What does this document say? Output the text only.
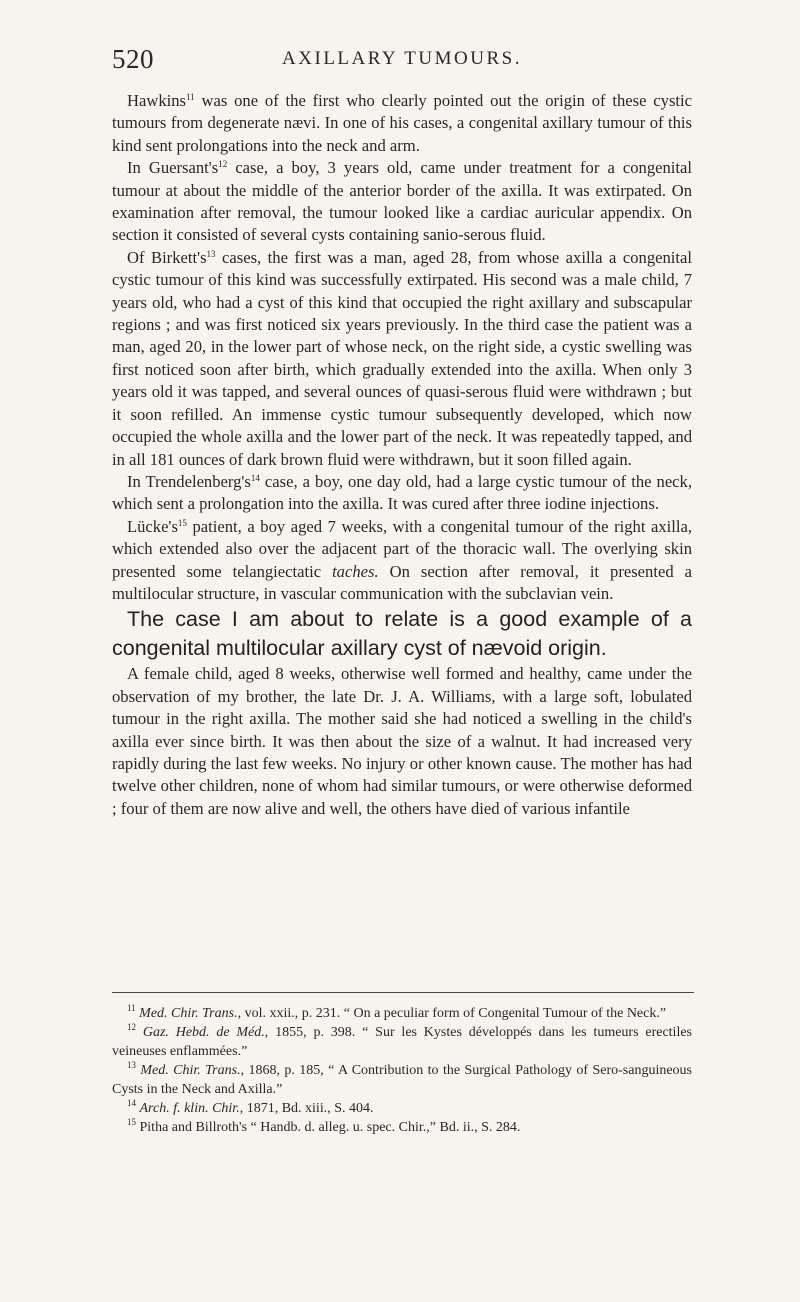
520	AXILLARY TUMOURS.

Hawkins$^{11}$ was one of the first who clearly pointed out the origin of these cystic tumours from degenerate nævi. In one of his cases, a congenital axillary tumour of this kind sent prolongations into the neck and arm.

In $Guersant's^{12}$ case, a boy, 3 years old, came under treatment for a congenital tumour at about the middle of the anterior border of the axilla. It was extirpated. On examination after removal, the tumour looked like a cardiac auricular appendix. On section it consisted of several cysts containing sanio-serous fluid.

Of $Birkett's^{13}$ cases, the first was a man, aged 28, from whose axilla a congenital cystic tumour of this kind was successfully extirpated. His second was a male child, 7 years old, who had a cyst of this kind that occupied the right axillary and subscapular regions ; and was first noticed six years previously. In the third case the patient was a man, aged 20, in the lower part of whose neck, on the right side, a cystic swelling was first noticed soon after birth, which gradually extended into the axilla. When only 3 years old it was tapped, and several ounces of quasi-serous fluid were withdrawn ; but it soon refilled. An immense cystic tumour subsequently developed, which now occupied the whole axilla and the lower part of the neck. It was repeatedly tapped, and in all 181 ounces of dark brown fluid were withdrawn, but it soon filled again.

In $Trendelenberg's^{14}$ case, a boy, one day old, had a large cystic tumour of the neck, which sent a prolongation into the axilla. It was cured after three iodine injections.

$Lücke's^{15}$ patient, a boy aged 7 weeks, with a congenital tumour of the right axilla, which extended also over the adjacent part of the thoracic wall. The overlying skin presented some telangiectatic taches. On section after removal, it presented a multilocular structure, in vascular communication with the subclavian vein.

The case I am about to relate is a good example of a congenital multilocular axillary cyst of nævoid origin.

A female child, aged 8 weeks, otherwise well formed and healthy, came under the observation of my brother, the late Dr. J. A. Williams, with a large soft, lobulated tumour in the right axilla. The mother said she had noticed a swelling in the child's axilla ever since birth. It was then about the size of a walnut. It had increased very rapidly during the last few weeks. No injury or other known cause. The mother has had twelve other children, none of whom had similar tumours, or were otherwise deformed ; four of them are now alive and well, the others have died of various infantile

$^{11}$ Med. Chir. Trans., vol. xxii., p. 231. “ On a peculiar form of Congenital Tumour of the Neck.”

$^{12}$ Gaz. Hebd. de Méd., 1855, p. 398. “ Sur les Kystes développés dans les tumeurs erectiles veineuses enflammées.”

$^{13}$ Med. Chir. Trans., 1868, p. 185, “ A Contribution to the Surgical Pathology of Sero-sanguineous Cysts in the Neck and Axilla.”

$^{14}$ Arch. f. klin. Chir., 1871, Bd. xiii., S. 404.

$^{15}$ Pitha and Billroth's “ Handb. d. alleg. u. spec. Chir.,” Bd. ii., S. 284.
